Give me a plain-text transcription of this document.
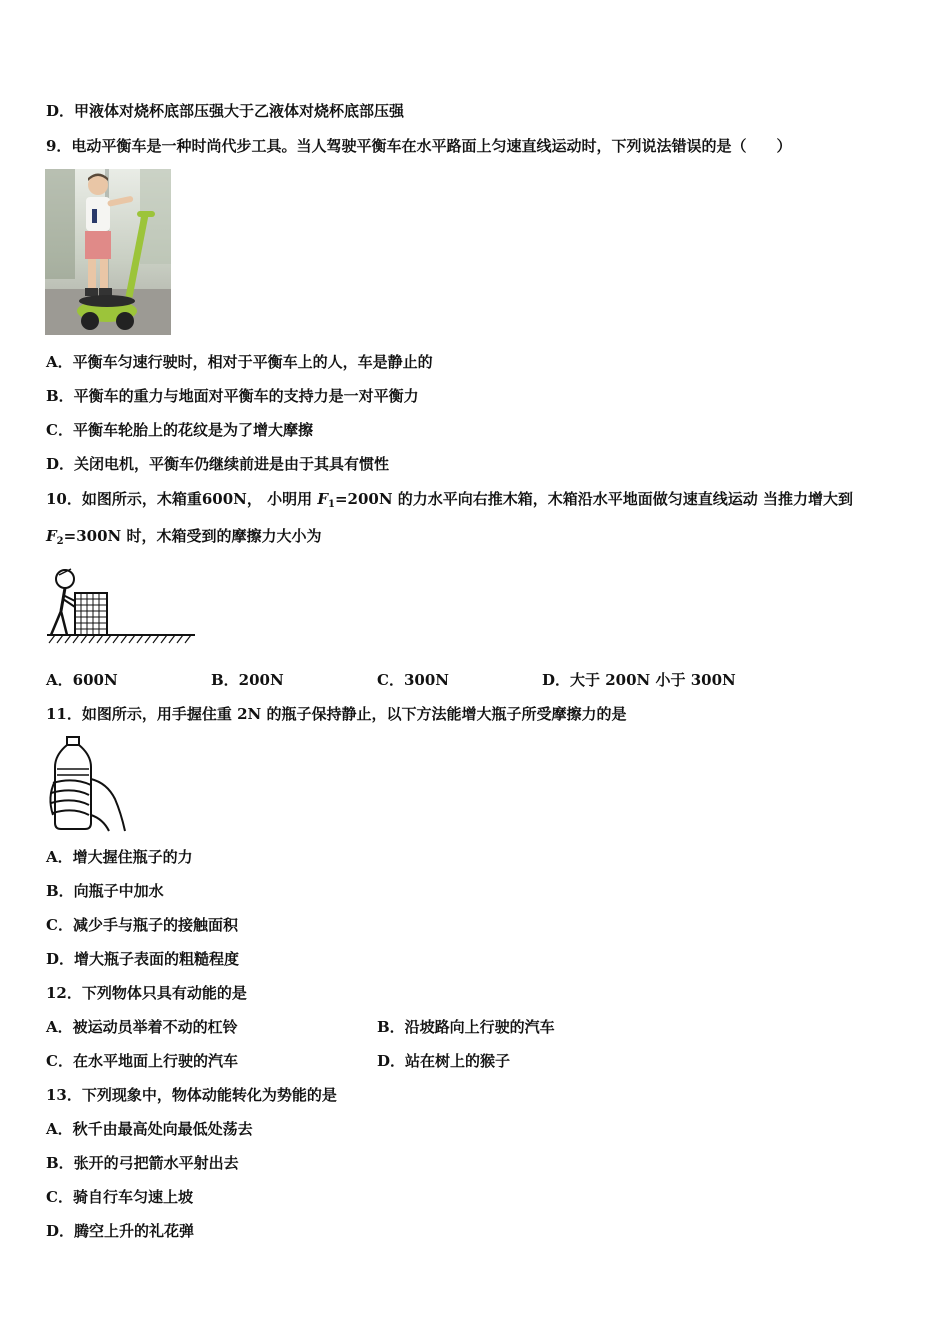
D．甲液体对烧杯底部压强大于乙液体对烧杯底部压强
9．电动平衡车是一种时尚代步工具。当人驾驶平衡车在水平路面上匀速直线运动时，下列说法错误的是（　　）
A．平衡车匀速行驶时，相对于平衡车上的人，车是静止的
B．平衡车的重力与地面对平衡车的支持力是一对平衡力
C．平衡车轮胎上的花纹是为了增大摩擦
D．关闭电机，平衡车仍继续前进是由于其具有惯性
10．如图所示，木箱重600N， 小明用 $F_1=200N$ 的力水平向右推木箱，木箱沿水平地面做匀速直线运动 当推力增大到
$F_2=300N$ 时，木箱受到的摩擦力大小为
A．600N	B．200N	C．300N	D．大于 200N 小于 300N
11．如图所示，用手握住重 2N 的瓶子保持静止，以下方法能增大瓶子所受摩擦力的是
A．增大握住瓶子的力
B．向瓶子中加水
C．减少手与瓶子的接触面积
D．增大瓶子表面的粗糙程度
12．下列物体只具有动能的是
A．被运动员举着不动的杠铃	B．沿坡路向上行驶的汽车
C．在水平地面上行驶的汽车	D．站在树上的猴子
13．下列现象中，物体动能转化为势能的是
A．秋千由最高处向最低处荡去
B．张开的弓把箭水平射出去
C．骑自行车匀速上坡
D．腾空上升的礼花弹
